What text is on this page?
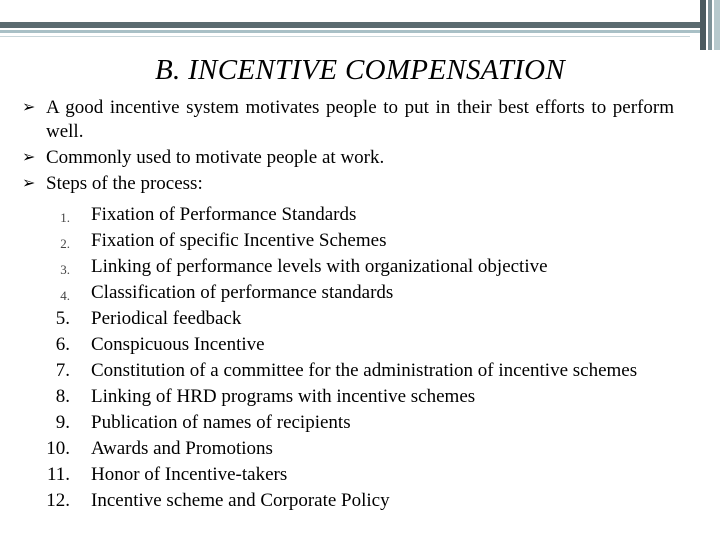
B. INCENTIVE COMPENSATION
➢ A good incentive system motivates people to put in their best efforts to perform well.
➢ Commonly used to motivate people at work.
➢ Steps of the process:
1. Fixation of Performance Standards
2. Fixation of specific Incentive Schemes
3. Linking of performance levels with organizational objective
4. Classification of performance standards
5. Periodical feedback
6. Conspicuous Incentive
7. Constitution of a committee for the administration of incentive schemes
8. Linking of HRD programs with incentive schemes
9. Publication of names of recipients
10. Awards and Promotions
11. Honor of Incentive-takers
12. Incentive scheme and Corporate Policy
